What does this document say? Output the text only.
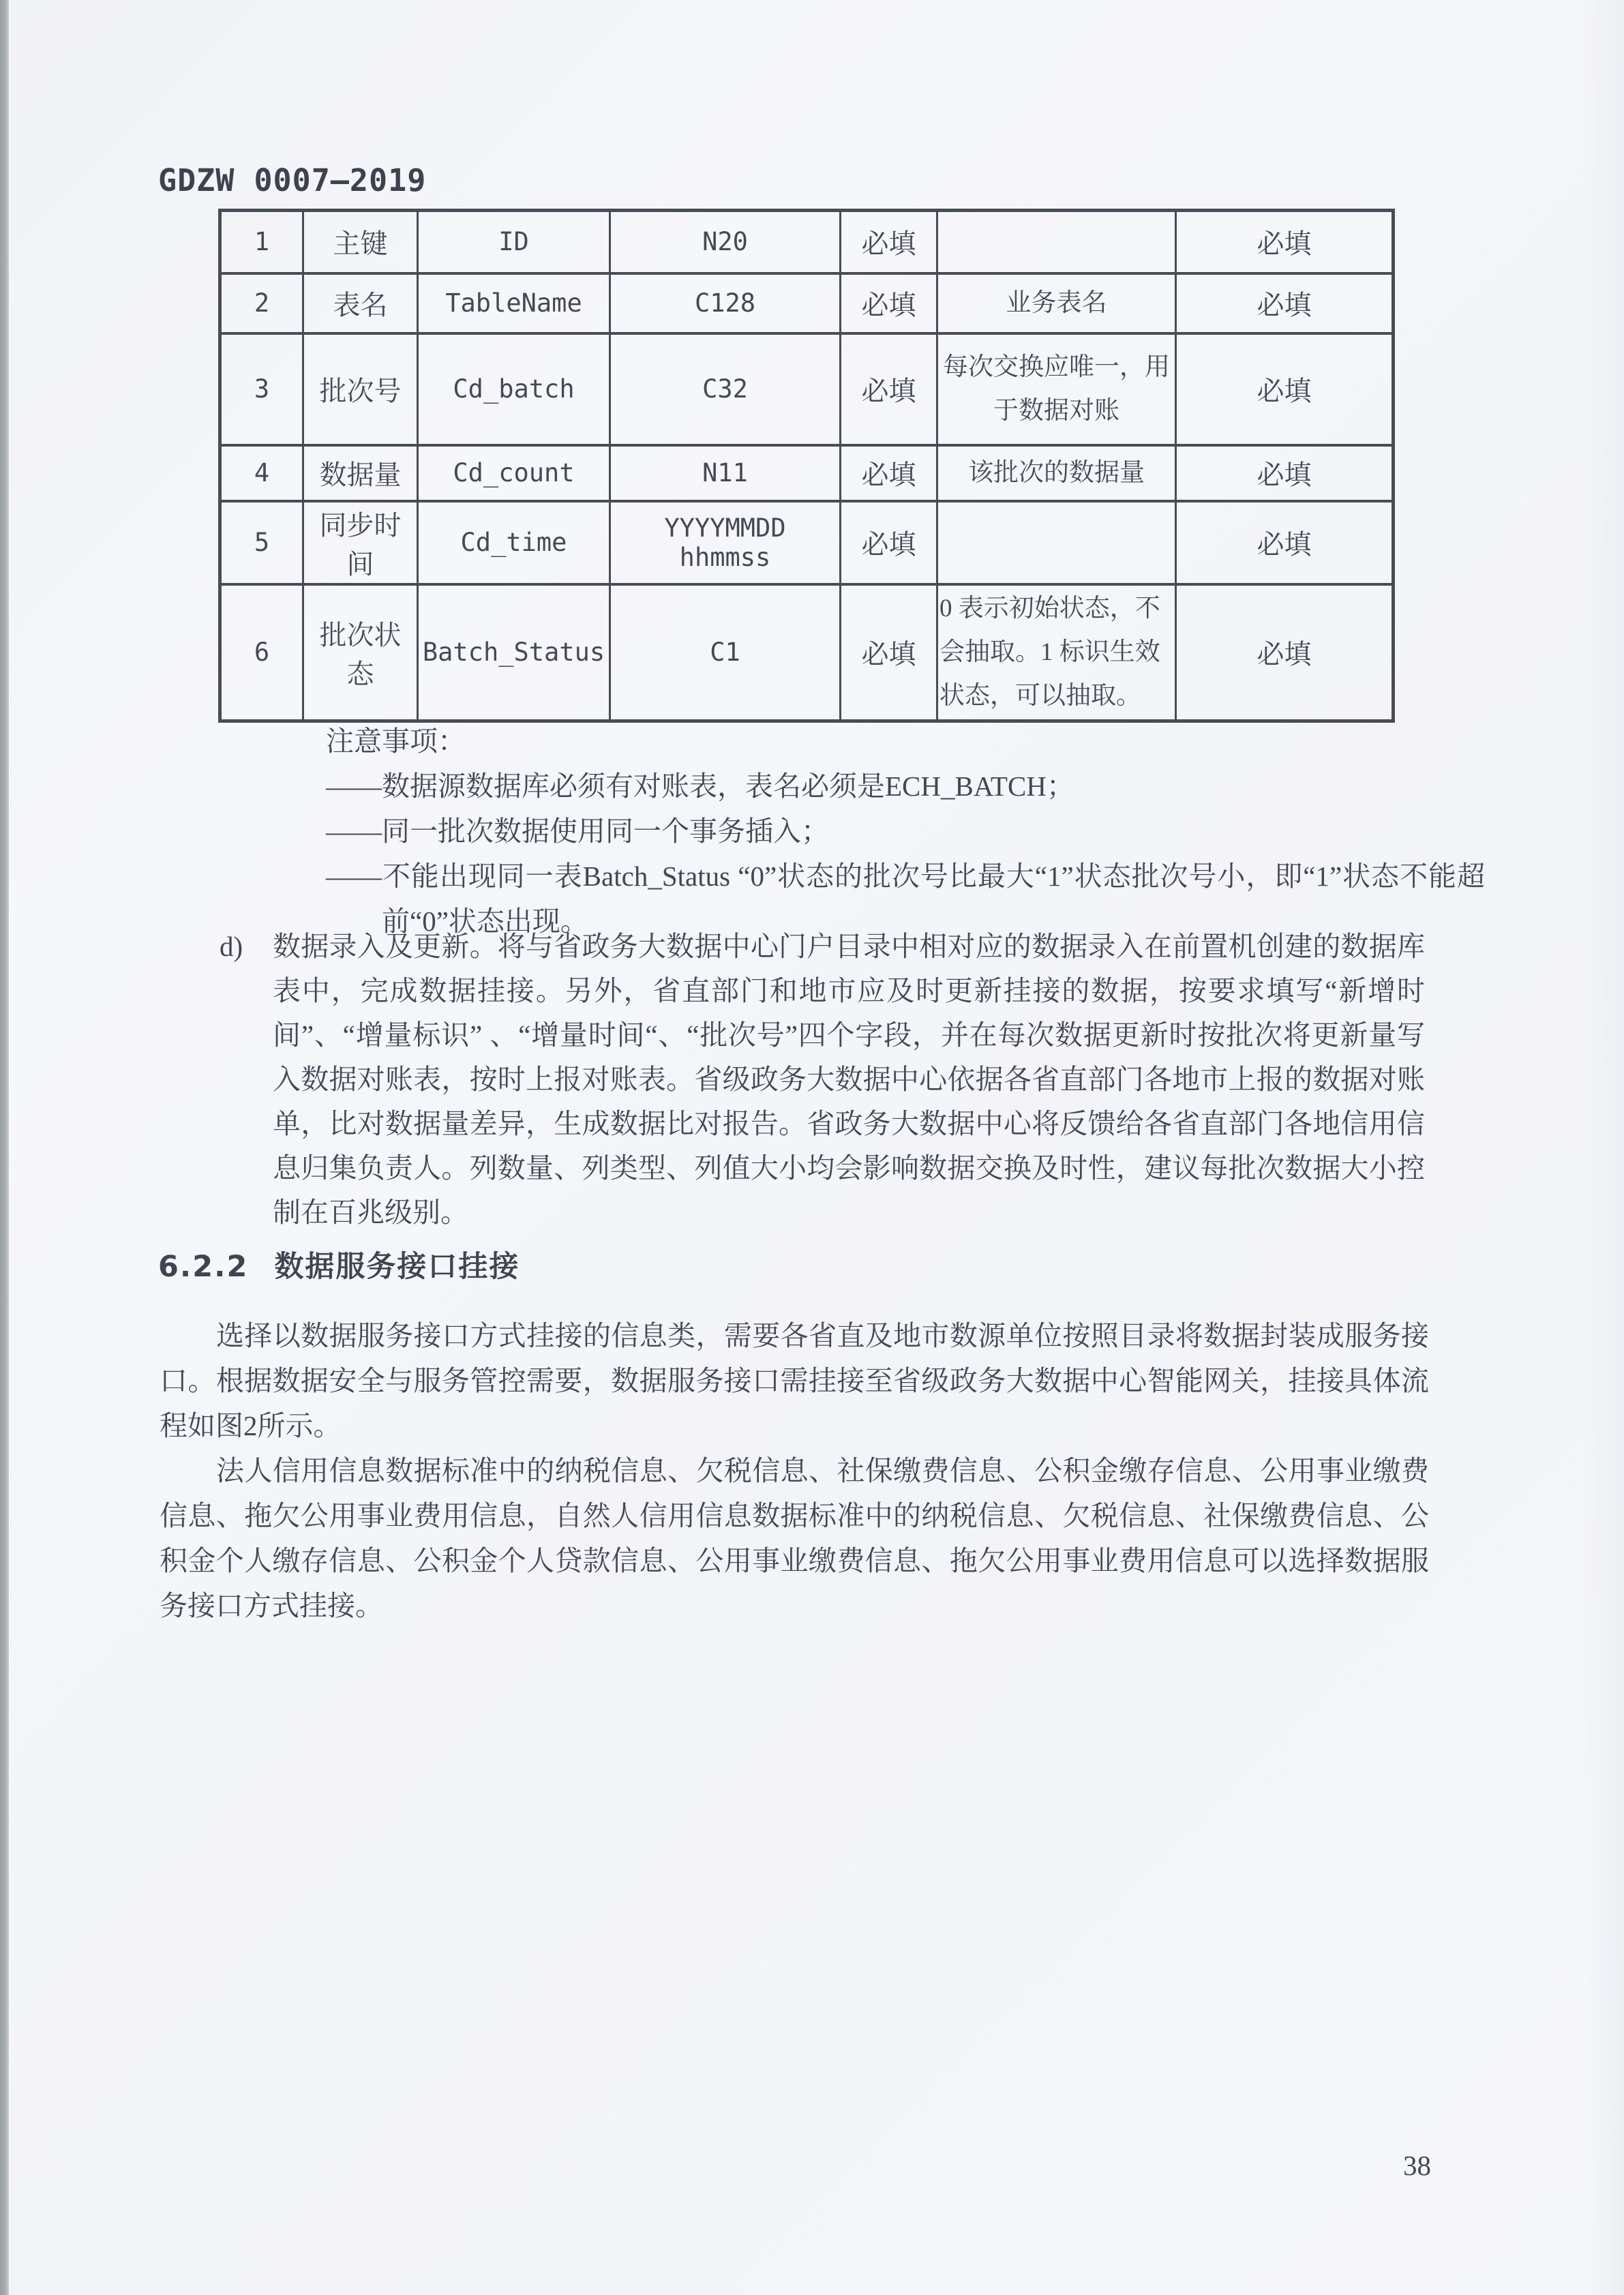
GDZW 0007—2019
1	主键	ID	N20	必填		必填
2	表名	TableName	C128	必填	业务表名	必填
3	批次号	Cd_batch	C32	必填	每次交换应唯一，用于数据对账	必填
4	数据量	Cd_count	N11	必填	该批次的数据量	必填
5	同步时间	Cd_time	YYYYMMDD hhmmss	必填		必填
6	批次状态	Batch_Status	C1	必填	0 表示初始状态，不会抽取。1 标识生效状态，可以抽取。	必填
注意事项：
——数据源数据库必须有对账表，表名必须是ECH_BATCH；
——同一批次数据使用同一个事务插入；
——不能出现同一表Batch_Status “0”状态的批次号比最大“1”状态批次号小，即“1”状态不能超前“0”状态出现。
d) 数据录入及更新。将与省政务大数据中心门户目录中相对应的数据录入在前置机创建的数据库表中，完成数据挂接。另外，省直部门和地市应及时更新挂接的数据，按要求填写“新增时间”、“增量标识” 、“增量时间“、“批次号”四个字段，并在每次数据更新时按批次将更新量写入数据对账表，按时上报对账表。省级政务大数据中心依据各省直部门各地市上报的数据对账单，比对数据量差异，生成数据比对报告。省政务大数据中心将反馈给各省直部门各地信用信息归集负责人。列数量、列类型、列值大小均会影响数据交换及时性，建议每批次数据大小控制在百兆级别。
6.2.2 数据服务接口挂接

选择以数据服务接口方式挂接的信息类，需要各省直及地市数源单位按照目录将数据封装成服务接口。根据数据安全与服务管控需要，数据服务接口需挂接至省级政务大数据中心智能网关，挂接具体流程如图2所示。

法人信用信息数据标准中的纳税信息、欠税信息、社保缴费信息、公积金缴存信息、公用事业缴费信息、拖欠公用事业费用信息，自然人信用信息数据标准中的纳税信息、欠税信息、社保缴费信息、公积金个人缴存信息、公积金个人贷款信息、公用事业缴费信息、拖欠公用事业费用信息可以选择数据服务接口方式挂接。

38
